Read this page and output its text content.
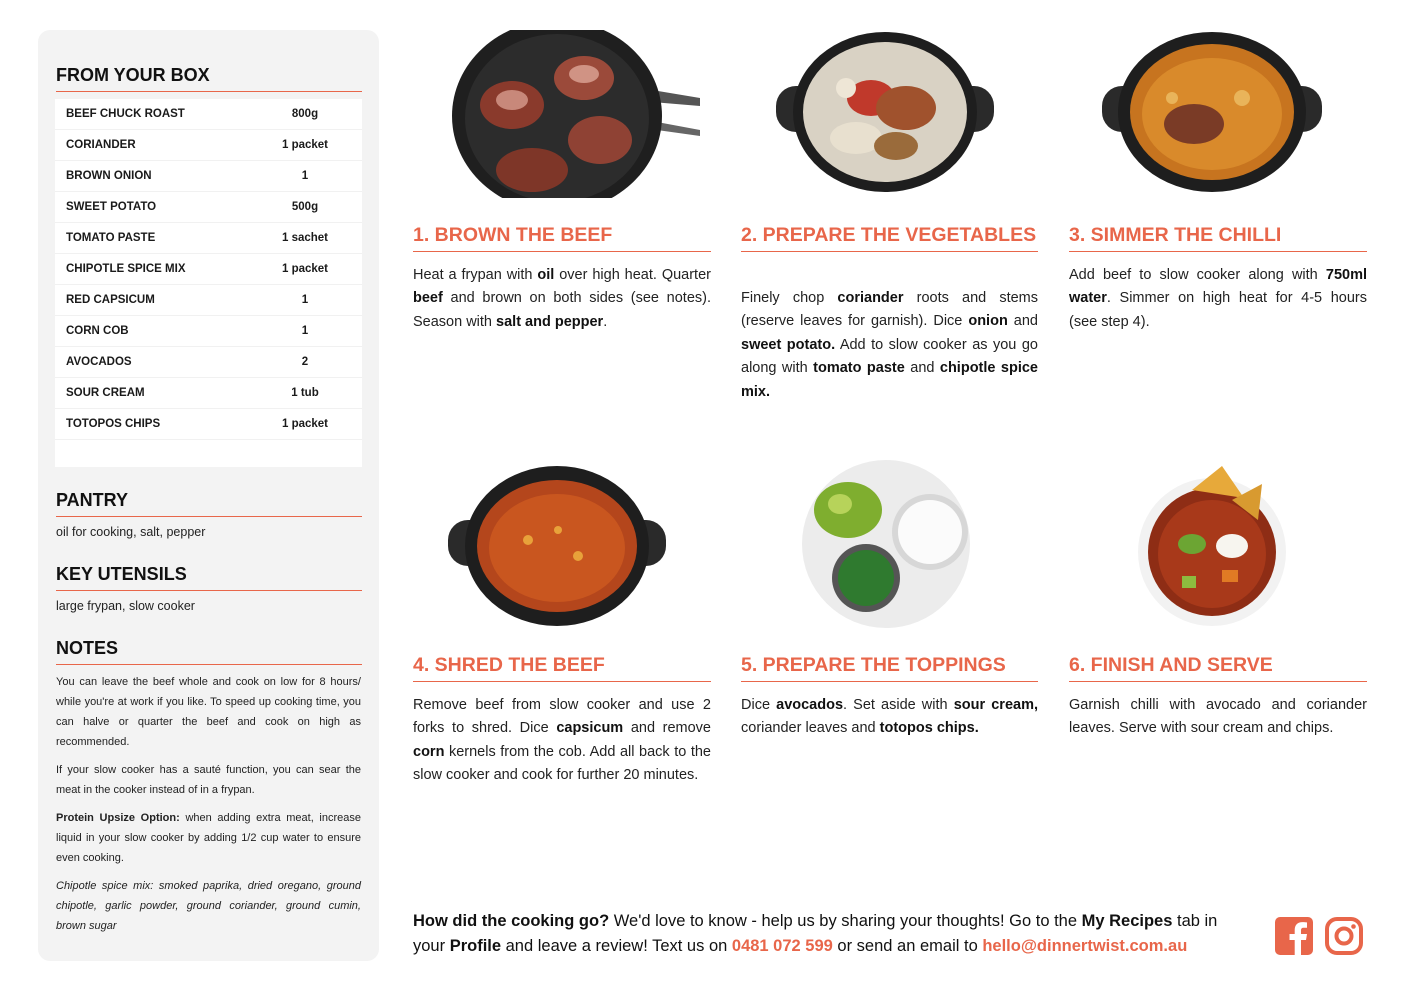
FROM YOUR BOX
BEEF CHUCK ROAST	800g
CORIANDER	1 packet
BROWN ONION	1
SWEET POTATO	500g
TOMATO PASTE	1 sachet
CHIPOTLE SPICE MIX	1 packet
RED CAPSICUM	1
CORN COB	1
AVOCADOS	2
SOUR CREAM	1 tub
TOTOPOS CHIPS	1 packet
PANTRY
oil for cooking, salt, pepper
KEY UTENSILS
large frypan, slow cooker
NOTES

You can leave the beef whole and cook on low for 8 hours/ while you're at work if you like. To speed up cooking time, you can halve or quarter the beef and cook on high as recommended.

If your slow cooker has a sauté function, you can sear the meat in the cooker instead of in a frypan.

Protein Upsize Option: when adding extra meat, increase liquid in your slow cooker by adding 1/2 cup water to ensure even cooking.

Chipotle spice mix: smoked paprika, dried oregano, ground chipotle, garlic powder, ground coriander, ground cumin, brown sugar

1. BROWN THE BEEF
Heat a frypan with oil over high heat. Quarter beef and brown on both sides (see notes). Season with salt and pepper.
2. PREPARE THE VEGETABLES
Finely chop coriander roots and stems (reserve leaves for garnish). Dice onion and sweet potato. Add to slow cooker as you go along with tomato paste and chipotle spice mix.
3. SIMMER THE CHILLI
Add beef to slow cooker along with 750ml water. Simmer on high heat for 4-5 hours (see step 4).
4. SHRED THE BEEF
Remove beef from slow cooker and use 2 forks to shred. Dice capsicum and remove corn kernels from the cob. Add all back to the slow cooker and cook for further 20 minutes.
5. PREPARE THE TOPPINGS
Dice avocados. Set aside with sour cream, coriander leaves and totopos chips.
6. FINISH AND SERVE
Garnish chilli with avocado and coriander leaves. Serve with sour cream and chips.
How did the cooking go? We'd love to know - help us by sharing your thoughts! Go to the My Recipes tab in your Profile and leave a review! Text us on 0481 072 599 or send an email to hello@dinnertwist.com.au
